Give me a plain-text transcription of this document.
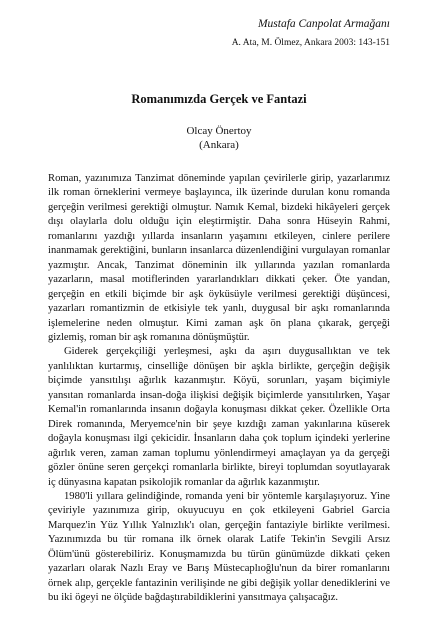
Mustafa Canpolat Armağanı
A. Ata, M. Ölmez, Ankara 2003: 143-151
Romanımızda Gerçek ve Fantazi
Olcay Önertoy
(Ankara)

Roman, yazınımıza Tanzimat döneminde yapılan çevirilerle girip, yazarlarımız ilk roman örneklerini vermeye başlayınca, ilk üzerinde durulan konu romanda gerçeğin verilmesi gerektiği olmuştur. Namık Kemal, bizdeki hikâyeleri gerçek dışı olaylarla dolu olduğu için eleştirmiştir. Daha sonra Hüseyin Rahmi, romanlarını yazdığı yıllarda insanların yaşamını etkileyen, cinlere perilere inanmamak gerektiğini, bunların insanlarca düzenlendiğini vurgulayan romanlar yazmıştır. Ancak, Tanzimat döneminin ilk yıllarında yazılan romanlarda yazarların, masal motiflerinden yararlandıkları dikkati çeker. Öte yandan, gerçeğin en etkili biçimde bir aşk öyküsüyle verilmesi gerektiği düşüncesi, yazarları romantizmin de etkisiyle tek yanlı, duygusal bir aşkı romanlarında işlemelerine neden olmuştur. Kimi zaman aşk ön plana çıkarak, gerçeği gizlemiş, roman bir aşk romanına dönüşmüştür.

Giderek gerçekçiliği yerleşmesi, aşkı da aşırı duygusallıktan ve tek yanlılıktan kurtarmış, cinselliğe dönüşen bir aşkla birlikte, gerçeğin değişik biçimde yansıtılışı ağırlık kazanmıştır. Köyü, sorunları, yaşam biçimiyle yansıtan romanlarda insan-doğa ilişkisi değişik biçimlerde yansıtılırken, Yaşar Kemal'in romanlarında insanın doğayla konuşması dikkat çeker. Özellikle Orta Direk romanında, Meryemce'nin bir şeye kızdığı zaman yakınlarına küserek doğayla konuşması ilgi çekicidir. İnsanların daha çok toplum içindeki yerlerine ağırlık veren, zaman zaman toplumu yönlendirmeyi amaçlayan ya da gerçeği gözler önüne seren gerçekçi romanlarla birlikte, bireyi toplumdan soyutlayarak iç dünyasına kapatan psikolojik romanlar da ağırlık kazanmıştır.

1980'li yıllara gelindiğinde, romanda yeni bir yöntemle karşılaşıyoruz. Yine çeviriyle yazınımıza girip, okuyucuyu en çok etkileyeni Gabriel Garcia Marquez'in Yüz Yıllık Yalnızlık'ı olan, gerçeğin fantaziyle birlikte verilmesi. Yazınımızda bu tür romana ilk örnek olarak Latife Tekin'in Sevgili Arsız Ölüm'ünü gösterebiliriz. Konuşmamızda bu türün günümüzde dikkati çeken yazarları olarak Nazlı Eray ve Barış Müstecaplıoğlu'nun da birer romanlarını örnek alıp, gerçekle fantazinin verilişinde ne gibi değişik yollar denediklerini ve bu iki ögeyi ne ölçüde bağdaştırabildiklerini yansıtmaya çalışacağız.
